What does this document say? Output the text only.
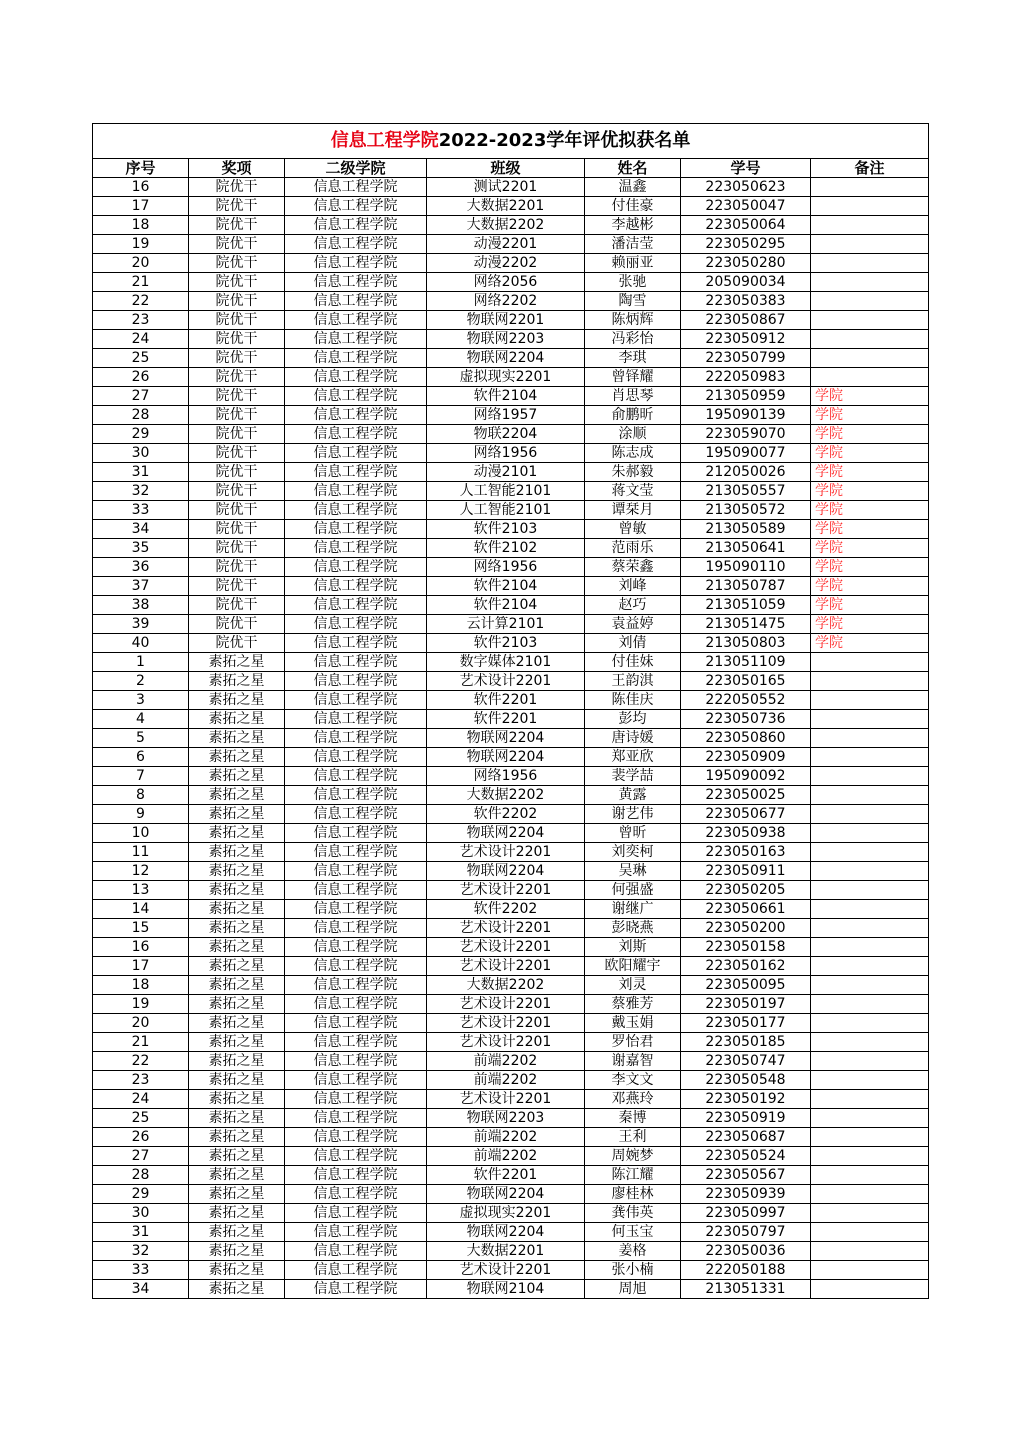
信息工程学院2022-2023学年评优拟获名单						
序号	奖项	二级学院	班级	姓名	学号	备注
16	院优干	信息工程学院	测试2201	温鑫	223050623	
17	院优干	信息工程学院	大数据2201	付佳豪	223050047	
18	院优干	信息工程学院	大数据2202	李越彬	223050064	
19	院优干	信息工程学院	动漫2201	潘洁莹	223050295	
20	院优干	信息工程学院	动漫2202	赖丽亚	223050280	
21	院优干	信息工程学院	网络2056	张驰	205090034	
22	院优干	信息工程学院	网络2202	陶雪	223050383	
23	院优干	信息工程学院	物联网2201	陈炳辉	223050867	
24	院优干	信息工程学院	物联网2203	冯彩怡	223050912	
25	院优干	信息工程学院	物联网2204	李琪	223050799	
26	院优干	信息工程学院	虚拟现实2201	曾铎耀	222050983	
27	院优干	信息工程学院	软件2104	肖思琴	213050959	学院
28	院优干	信息工程学院	网络1957	俞鹏昕	195090139	学院
29	院优干	信息工程学院	物联2204	涂顺	223059070	学院
30	院优干	信息工程学院	网络1956	陈志成	195090077	学院
31	院优干	信息工程学院	动漫2101	朱郝毅	212050026	学院
32	院优干	信息工程学院	人工智能2101	蒋文莹	213050557	学院
33	院优干	信息工程学院	人工智能2101	谭栞月	213050572	学院
34	院优干	信息工程学院	软件2103	曾敏	213050589	学院
35	院优干	信息工程学院	软件2102	范雨乐	213050641	学院
36	院优干	信息工程学院	网络1956	蔡荣鑫	195090110	学院
37	院优干	信息工程学院	软件2104	刘峰	213050787	学院
38	院优干	信息工程学院	软件2104	赵巧	213051059	学院
39	院优干	信息工程学院	云计算2101	袁益婷	213051475	学院
40	院优干	信息工程学院	软件2103	刘倩	213050803	学院
1	素拓之星	信息工程学院	数字媒体2101	付佳妹	213051109	
2	素拓之星	信息工程学院	艺术设计2201	王韵淇	223050165	
3	素拓之星	信息工程学院	软件2201	陈佳庆	222050552	
4	素拓之星	信息工程学院	软件2201	彭均	223050736	
5	素拓之星	信息工程学院	物联网2204	唐诗媛	223050860	
6	素拓之星	信息工程学院	物联网2204	郑亚欣	223050909	
7	素拓之星	信息工程学院	网络1956	裴学喆	195090092	
8	素拓之星	信息工程学院	大数据2202	黄露	223050025	
9	素拓之星	信息工程学院	软件2202	谢艺伟	223050677	
10	素拓之星	信息工程学院	物联网2204	曾昕	223050938	
11	素拓之星	信息工程学院	艺术设计2201	刘奕柯	223050163	
12	素拓之星	信息工程学院	物联网2204	吴琳	223050911	
13	素拓之星	信息工程学院	艺术设计2201	何强盛	223050205	
14	素拓之星	信息工程学院	软件2202	谢继广	223050661	
15	素拓之星	信息工程学院	艺术设计2201	彭晓燕	223050200	
16	素拓之星	信息工程学院	艺术设计2201	刘斯	223050158	
17	素拓之星	信息工程学院	艺术设计2201	欧阳耀宇	223050162	
18	素拓之星	信息工程学院	大数据2202	刘灵	223050095	
19	素拓之星	信息工程学院	艺术设计2201	蔡雅芳	223050197	
20	素拓之星	信息工程学院	艺术设计2201	戴玉娟	223050177	
21	素拓之星	信息工程学院	艺术设计2201	罗怡君	223050185	
22	素拓之星	信息工程学院	前端2202	谢嘉智	223050747	
23	素拓之星	信息工程学院	前端2202	李文文	223050548	
24	素拓之星	信息工程学院	艺术设计2201	邓燕玲	223050192	
25	素拓之星	信息工程学院	物联网2203	秦博	223050919	
26	素拓之星	信息工程学院	前端2202	王利	223050687	
27	素拓之星	信息工程学院	前端2202	周婉梦	223050524	
28	素拓之星	信息工程学院	软件2201	陈江耀	223050567	
29	素拓之星	信息工程学院	物联网2204	廖桂林	223050939	
30	素拓之星	信息工程学院	虚拟现实2201	龚伟英	223050997	
31	素拓之星	信息工程学院	物联网2204	何玉宝	223050797	
32	素拓之星	信息工程学院	大数据2201	姜格	223050036	
33	素拓之星	信息工程学院	艺术设计2201	张小楠	222050188	
34	素拓之星	信息工程学院	物联网2104	周旭	213051331	
